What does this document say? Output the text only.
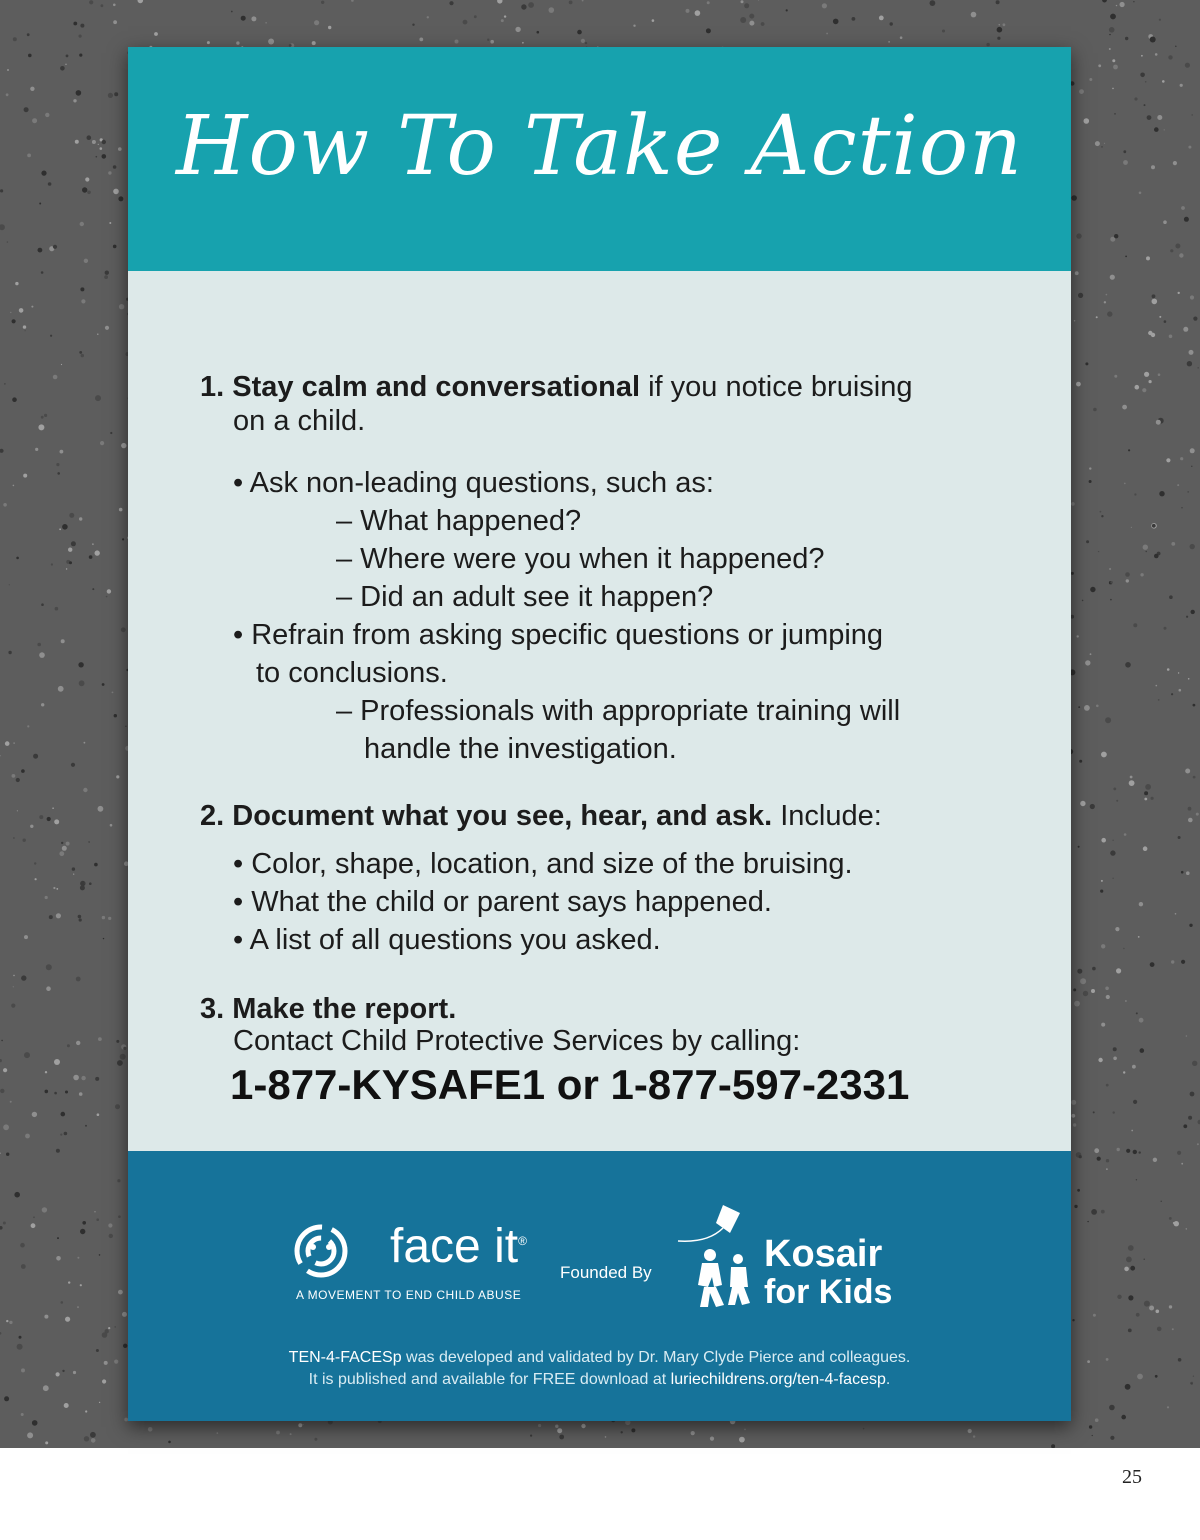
How To Take Action
1. Stay calm and conversational if you notice bruising
on a child.
• Ask non-leading questions, such as:
– What happened?
– Where were you when it happened?
– Did an adult see it happen?
• Refrain from asking specific questions or jumping
to conclusions.
– Professionals with appropriate training will
handle the investigation.
2. Document what you see, hear, and ask. Include:
• Color, shape, location, and size of the bruising.
• What the child or parent says happened.
• A list of all questions you asked.
3. Make the report.
Contact Child Protective Services by calling:
1-877-KYSAFE1 or 1-877-597-2331
face it®
A MOVEMENT TO END CHILD ABUSE
Founded By	Kosair
for Kids
TEN-4-FACESp was developed and validated by Dr. Mary Clyde Pierce and colleagues.
It is published and available for FREE download at luriechildrens.org/ten-4-facesp.
25
